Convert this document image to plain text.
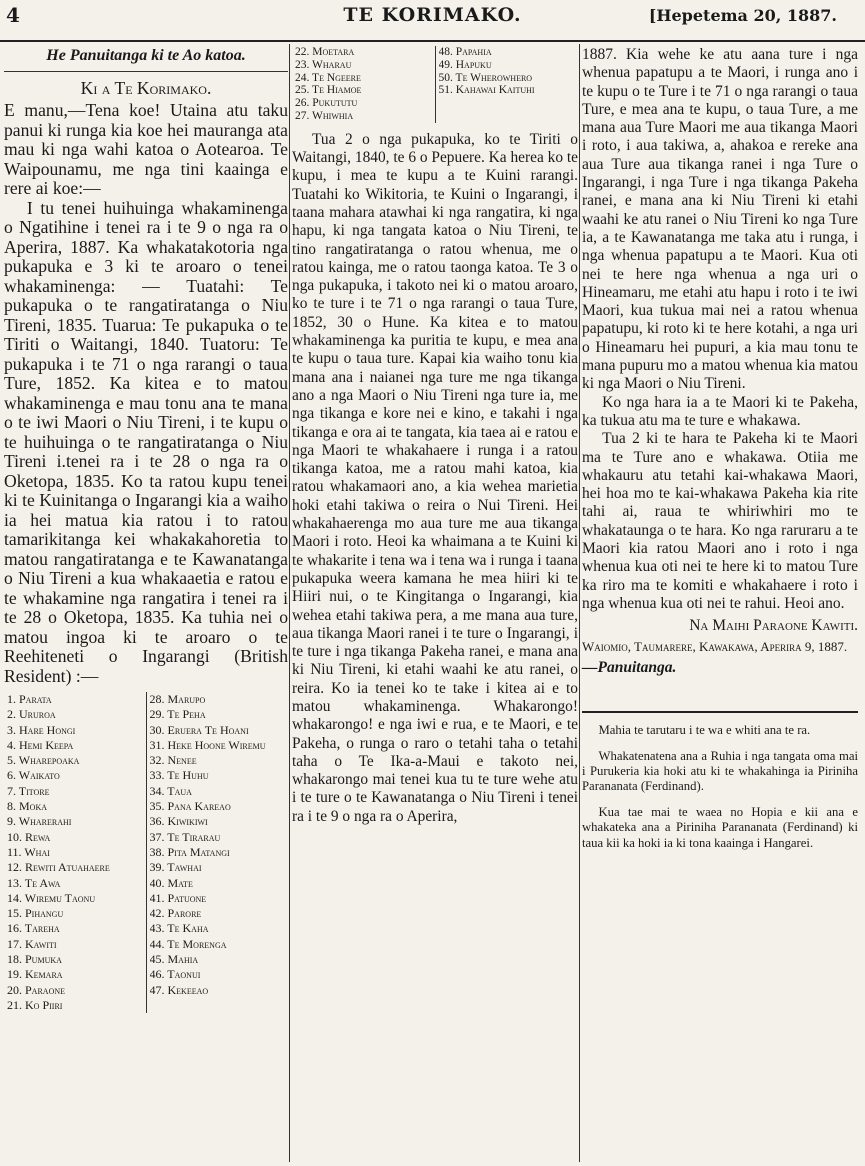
4	TE KORIMAKO.	[Hepetema 20, 1887.
He Panuitanga ki te Ao katoa.
Ki a Te Korimako.

E manu,—Tena koe! Utaina atu taku panui ki runga kia koe hei mauranga ata mau ki nga wahi katoa o Aotearoa. Te Waipounamu, me nga tini kaainga e rere ai koe:—

I tu tenei huihuinga whakaminenga o Ngatihine i tenei ra i te 9 o nga ra o Aperira, 1887. Ka whakatakotoria nga pukapuka e 3 ki te aroaro o tenei whakaminenga: — Tuatahi: Te pukapuka o te rangatiratanga o Niu Tireni, 1835. Tuarua: Te pukapuka o te Tiriti o Waitangi, 1840. Tuatoru: Te pukapuka i te 71 o nga rarangi o taua Ture, 1852. Ka kitea e to matou whakaminenga e mau tonu ana te mana o te iwi Maori o Niu Tireni, i te kupu o te huihuinga o te rangatiratanga o Niu Tireni i.tenei ra i te 28 o nga ra o Oketopa, 1835. Ko ta ratou kupu tenei ki te Kuinitanga o Ingarangi kia a waiho ia hei matua kia ratou i to ratou tamarikitanga kei whakakahoretia to matou rangatiratanga e te Kawanatanga o Niu Tireni a kua whakaaetia e ratou e te whakamine nga rangatira i tenei ra i te 28 o Oketopa, 1835. Ka tuhia nei o matou ingoa ki te aroaro o te Reehiteneti o Ingarangi (British Resident) :—

1. Parata
2. Ururoa
3. Hare Hongi
4. Hemi Keepa
5. Wharepoaka
6. Waikato
7. Titore
8. Moka
9. Wharerahi
10. Rewa
11. Whai
12. Rewiti Atuahaere
13. Te Awa
14. Wiremu Taonu
15. Pihangu
16. Tareha
17. Kawiti
18. Pumuka
19. Kemara
20. Paraone
21. Ko Piiri
28. Marupo
29. Te Peha
30. Eruera Te Hoani
31. Heke Hoone Wiremu
32. Nenee
33. Te Huhu
34. Taua
35. Pana Kareao
36. Kiwikiwi
37. Te Tirarau
38. Pita Matangi
39. Tawhai
40. Mate
41. Patuone
42. Parore
43. Te Kaha
44. Te Morenga
45. Mahia
46. Taonui
47. Kekeeao
22. Moetara
23. Wharau
24. Te Ngeere
25. Te Hiamoe
26. Pukututu
27. Whiwhia
48. Papahia
49. Hapuku
50. Te Wherowhero
51. Kahawai Kaituhi

Tua 2 o nga pukapuka, ko te Tiriti o Waitangi, 1840, te 6 o Pepuere. Ka herea ko te kupu, i mea te kupu a te Kuini rarangi. Tuatahi ko Wikitoria, te Kuini o Ingarangi, i taana mahara atawhai ki nga rangatira, ki nga hapu, ki nga tangata katoa o Niu Tireni, te tino rangatiratanga o ratou whenua, me o ratou kainga, me o ratou taonga katoa. Te 3 o nga pukapuka, i takoto nei ki o matou aroaro, ko te ture i te 71 o nga rarangi o taua Ture, 1852, 30 o Hune. Ka kitea e to matou whakaminenga ka puritia te kupu, e mea ana te kupu o taua ture. Kapai kia waiho tonu kia mana ana i naianei nga ture me nga tikanga ano a nga Maori o Niu Tireni nga ture ia, me nga tikanga e kore nei e kino, e takahi i nga tikanga e ora ai te tangata, kia taea ai e ratou e nga Maori te whakahaere i runga i a ratou tikanga katoa, me a ratou mahi katoa, kia ratou whakamaori ano, a kia wehea marietia hoki etahi takiwa o reira o Nui Tireni. Hei whakahaerenga mo aua ture me aua tikanga Maori i roto. Heoi ka whaimana a te Kuini ki te whakarite i tena wa i tena wa i runga i taana pukapuka weera kamana he mea hiiri ki te Hiiri nui, o te Kingitanga o Ingarangi, kia wehea etahi takiwa pera, a me mana aua ture, aua tikanga Maori ranei i te ture o Ingarangi, i te ture i nga tikanga Pakeha ranei, e mana ana ki Niu Tireni, ki etahi waahi ke atu ranei, o reira. Ko ia tenei ko te take i kitea ai e to matou whakaminenga. Whakarongo! whakarongo! e nga iwi e rua, e te Maori, e te Pakeha, o runga o raro o tetahi taha o tetahi taha o Te Ika-a-Maui e takoto nei, whakarongo mai tenei kua tu te ture wehe atu i te ture o te Kawanatanga o Niu Tireni i tenei ra i te 9 o nga ra o Aperira,

1887. Kia wehe ke atu aana ture i nga whenua papatupu a te Maori, i runga ano i te kupu o te Ture i te 71 o nga rarangi o taua Ture, e mea ana te kupu, o taua Ture, a me mana aua Ture Maori me aua tikanga Maori i roto, i aua takiwa, a, ahakoa e rereke ana aua Ture aua tikanga ranei i nga Ture o Ingarangi, i nga Ture i nga tikanga Pakeha ranei, e mana ana ki Niu Tireni ki etahi waahi ke atu ranei o Niu Tireni ko nga Ture ia, a te Kawanatanga me taka atu i runga, i nga whenua papatupu a te Maori. Kua oti nei te here nga whenua a nga uri o Hineamaru, me etahi atu hapu i roto i te iwi Maori, kua tukua mai nei a ratou whenua papatupu, ki roto ki te here kotahi, a nga uri o Hineamaru hei pupuri, a kia mau tonu te mana pupuru mo a matou whenua kia matou ki nga Maori o Niu Tireni.

Ko nga hara ia a te Maori ki te Pakeha, ka tukua atu ma te ture e whakawa.

Tua 2 ki te hara te Pakeha ki te Maori ma te Ture ano e whakawa. Otiia me whakauru atu tetahi kai-whakawa Maori, hei hoa mo te kai-whakawa Pakeha kia rite tahi ai, raua te whiriwhiri mo te whakataunga o te hara. Ko nga raruraru a te Maori kia ratou Maori ano i roto i nga whenua kua oti nei te here ki to matou Ture ka riro ma te komiti e whakahaere i roto i nga whenua kua oti nei te rahui. Heoi ano.

Na Maihi Paraone Kawiti.
Waiomio, Taumarere, Kawakawa, Aperira 9, 1887.
—Panuitanga.

Mahia te tarutaru i te wa e whiti ana te ra.

Whakatenatena ana a Ruhia i nga tangata oma mai i Purukeria kia hoki atu ki te whakahinga ia Piriniha Parananata (Ferdinand).

Kua tae mai te waea no Hopia e kii ana e whakateka ana a Piriniha Parananata (Ferdinand) ki taua kii ka hoki ia ki tona kaainga i Hangarei.
